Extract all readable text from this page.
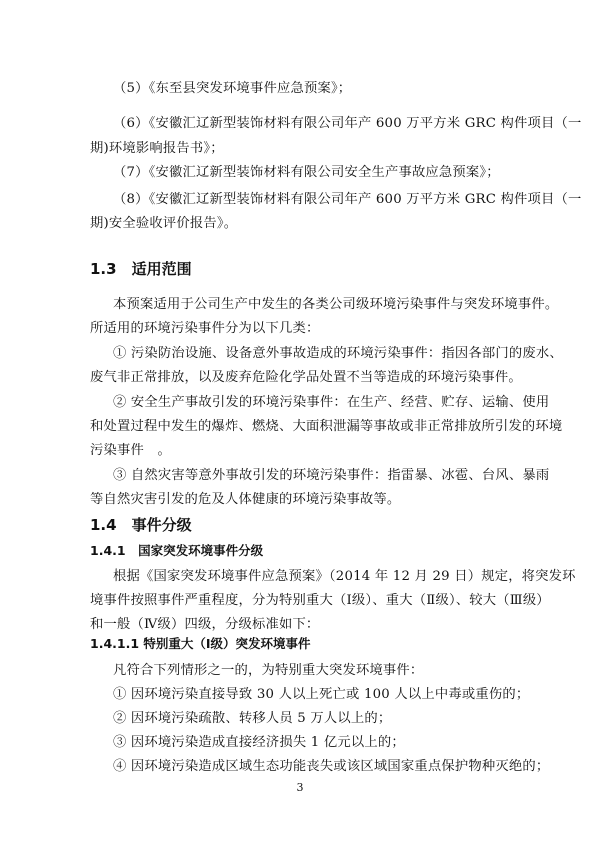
（5）《东至县突发环境事件应急预案》；
（6）《安徽汇辽新型装饰材料有限公司年产 600 万平方米 GRC 构件项目（一
期)环境影响报告书》；
（7）《安徽汇辽新型装饰材料有限公司安全生产事故应急预案》；
（8）《安徽汇辽新型装饰材料有限公司年产 600 万平方米 GRC 构件项目（一
期)安全验收评价报告》。
1.3　适用范围
本预案适用于公司生产中发生的各类公司级环境污染事件与突发环境事件。
所适用的环境污染事件分为以下几类：
① 污染防治设施、设备意外事故造成的环境污染事件：指因各部门的废水、
废气非正常排放，以及废弃危险化学品处置不当等造成的环境污染事件。
② 安全生产事故引发的环境污染事件：在生产、经营、贮存、运输、使用
和处置过程中发生的爆炸、燃烧、大面积泄漏等事故或非正常排放所引发的环境
污染事件　。
③ 自然灾害等意外事故引发的环境污染事件：指雷暴、冰雹、台风、暴雨
等自然灾害引发的危及人体健康的环境污染事故等。
1.4　事件分级
1.4.1　国家突发环境事件分级
根据《国家突发环境事件应急预案》（2014 年 12 月 29 日）规定，将突发环
境事件按照事件严重程度，分为特别重大（Ⅰ级）、重大（Ⅱ级）、较大（Ⅲ级）
和一般（Ⅳ级）四级，分级标准如下：
1.4.1.1 特别重大（Ⅰ级）突发环境事件
凡符合下列情形之一的，为特别重大突发环境事件：
① 因环境污染直接导致 30 人以上死亡或 100 人以上中毒或重伤的；
② 因环境污染疏散、转移人员 5 万人以上的；
③ 因环境污染造成直接经济损失 1 亿元以上的；
④ 因环境污染造成区域生态功能丧失或该区域国家重点保护物种灭绝的；
3
